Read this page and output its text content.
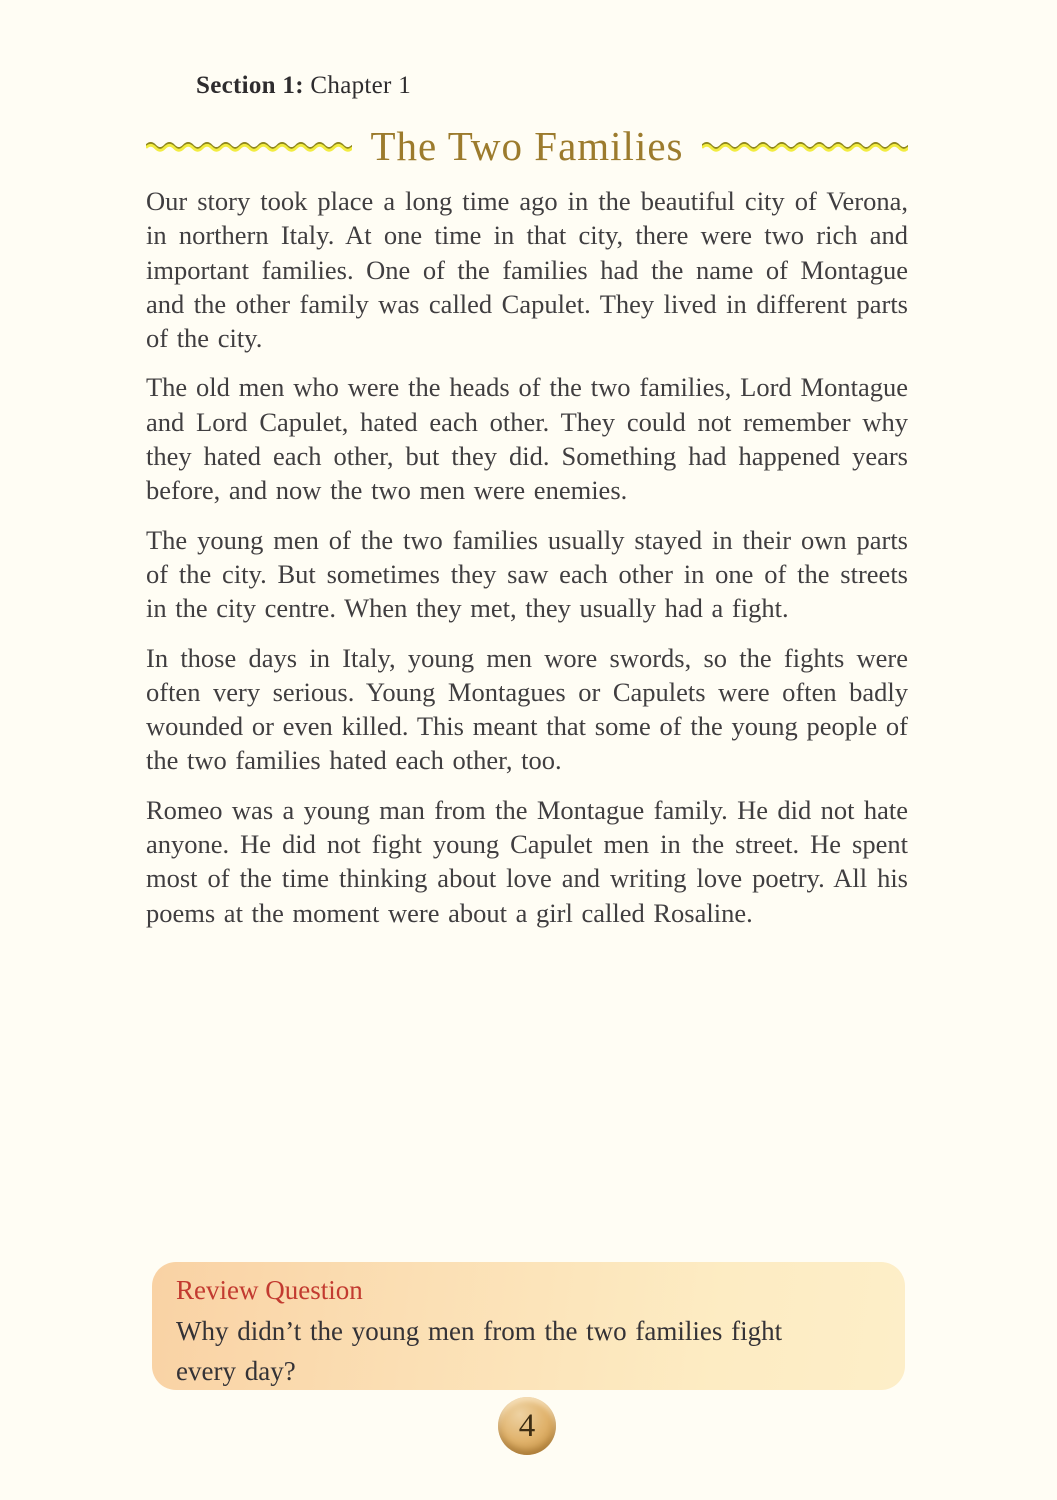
Section 1: Chapter 1
The Two Families

Our story took place a long time ago in the beautiful city of Verona, in northern Italy. At one time in that city, there were two rich and important families. One of the families had the name of Montague and the other family was called Capulet. They lived in different parts of the city.

The old men who were the heads of the two families, Lord Montague and Lord Capulet, hated each other. They could not remember why they hated each other, but they did. Something had happened years before, and now the two men were enemies.

The young men of the two families usually stayed in their own parts of the city. But sometimes they saw each other in one of the streets in the city centre. When they met, they usually had a fight.

In those days in Italy, young men wore swords, so the fights were often very serious. Young Montagues or Capulets were often badly wounded or even killed. This meant that some of the young people of the two families hated each other, too.

Romeo was a young man from the Montague family. He did not hate anyone. He did not fight young Capulet men in the street. He spent most of the time thinking about love and writing love poetry. All his poems at the moment were about a girl called Rosaline.

Review Question
Why didn’t the young men from the two families fight every day?
4
